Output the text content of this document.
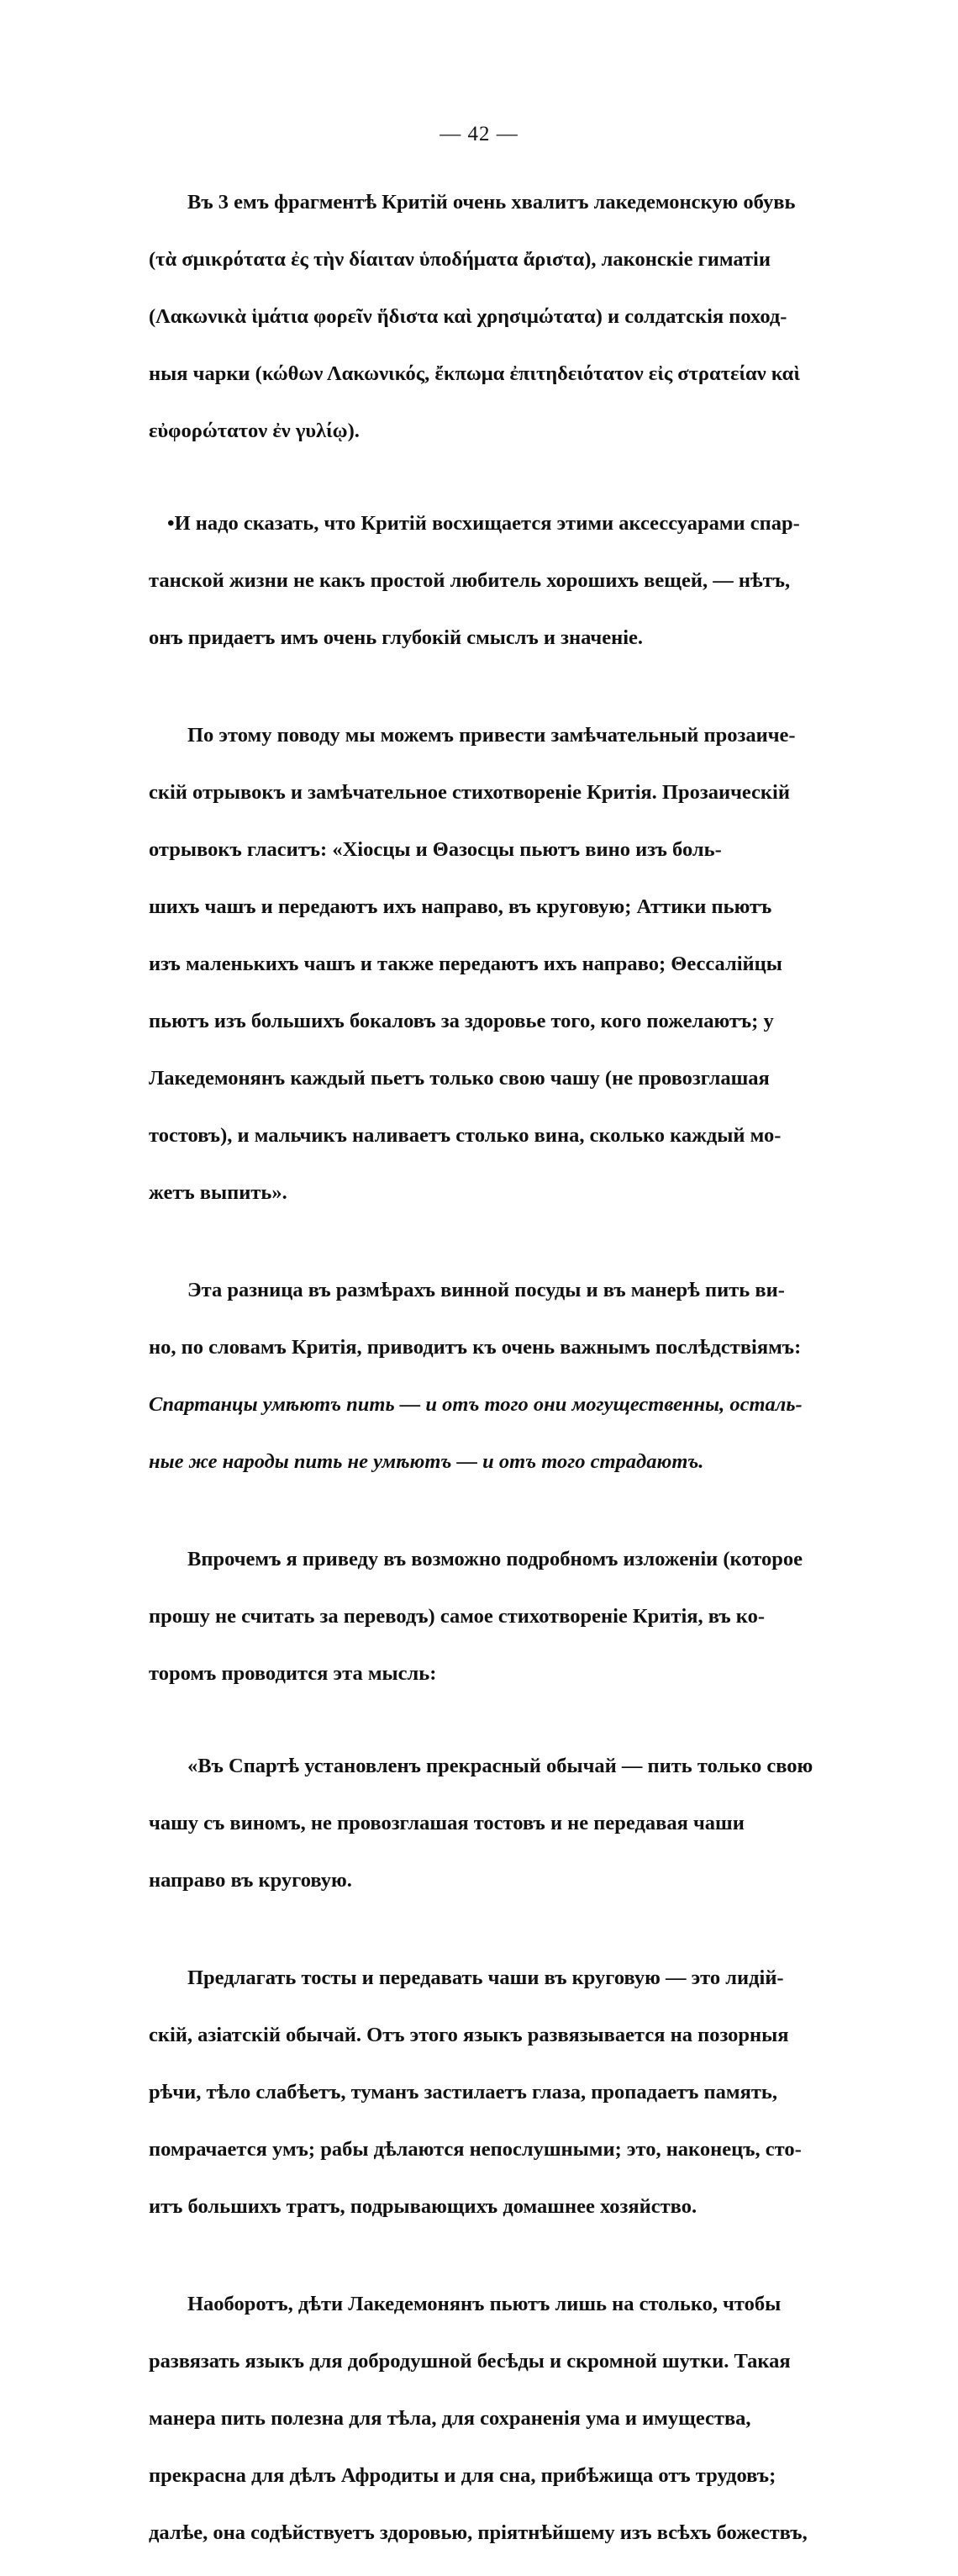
— 42 —

Въ 3 емъ фрагментѣ Критій очень хвалитъ лакедемонскую обувь

(τὰ σμικρότατα ἐς τὴν δίαιταν ὑποδήματα ἄριστα), лаконскіе гиматіи

(Λακωνικὰ ἱμάτια φορεῖν ἥδιστα καὶ χρησιμώτατα) и солдатскія поход-

ныя чарки (κώθων Λακωνικός, ἔκπωμα ἐπιτηδειότατον εἰς στρατείαν καὶ

εὐφορώτατον ἐν γυλίῳ).

•И надо сказать, что Критій восхищается этими аксессуарами спар-

танской жизни не какъ простой любитель хорошихъ вещей, — нѣтъ,

онъ придаетъ имъ очень глубокій смыслъ и значеніе.

По этому поводу мы можемъ привести замѣчательный прозаиче-

скій отрывокъ и замѣчательное стихотвореніе Критія. Прозаическій

отрывокъ гласитъ: «Хіосцы и Θазосцы пьютъ вино изъ боль-

шихъ чашъ и передаютъ ихъ направо, въ круговую; Аттики пьютъ

изъ маленькихъ чашъ и также передаютъ ихъ направо; Θессалійцы

пьютъ изъ большихъ бокаловъ за здоровье того, кого пожелаютъ; у

Лакедемонянъ каждый пьетъ только свою чашу (не провозглашая

тостовъ), и мальчикъ наливаетъ столько вина, сколько каждый мо-

жетъ выпить».

Эта разница въ размѣрахъ винной посуды и въ манерѣ пить ви-

но, по словамъ Критія, приводитъ къ очень важнымъ послѣдствіямъ:

Спартанцы умѣютъ пить — и отъ того они могущественны, осталь-

ные же народы пить не умѣютъ — и отъ того страдаютъ.

Впрочемъ я приведу въ возможно подробномъ изложеніи (которое

прошу не считать за переводъ) самое стихотвореніе Критія, въ ко-

торомъ проводится эта мысль:

«Въ Спартѣ установленъ прекрасный обычай — пить только свою

чашу съ виномъ, не провозглашая тостовъ и не передавая чаши

направо въ круговую.

Предлагать тосты и передавать чаши въ круговую — это лидій-

скій, азіатскій обычай. Отъ этого языкъ развязывается на позорныя

рѣчи, тѣло слабѣетъ, туманъ застилаетъ глаза, пропадаетъ память,

помрачается умъ; рабы дѣлаются непослушными; это, наконецъ, сто-

итъ большихъ тратъ, подрывающихъ домашнее хозяйство.

Наоборотъ, дѣти Лакедемонянъ пьютъ лишь на столько, чтобы

развязать языкъ для добродушной бесѣды и скромной шутки. Такая

манера пить полезна для тѣла, для сохраненія ума и имущества,

прекрасна для дѣлъ Афродиты и для сна, прибѣжища отъ трудовъ;

далѣе, она содѣйствуетъ здоровью, пріятнѣйшему изъ всѣхъ божествъ,
